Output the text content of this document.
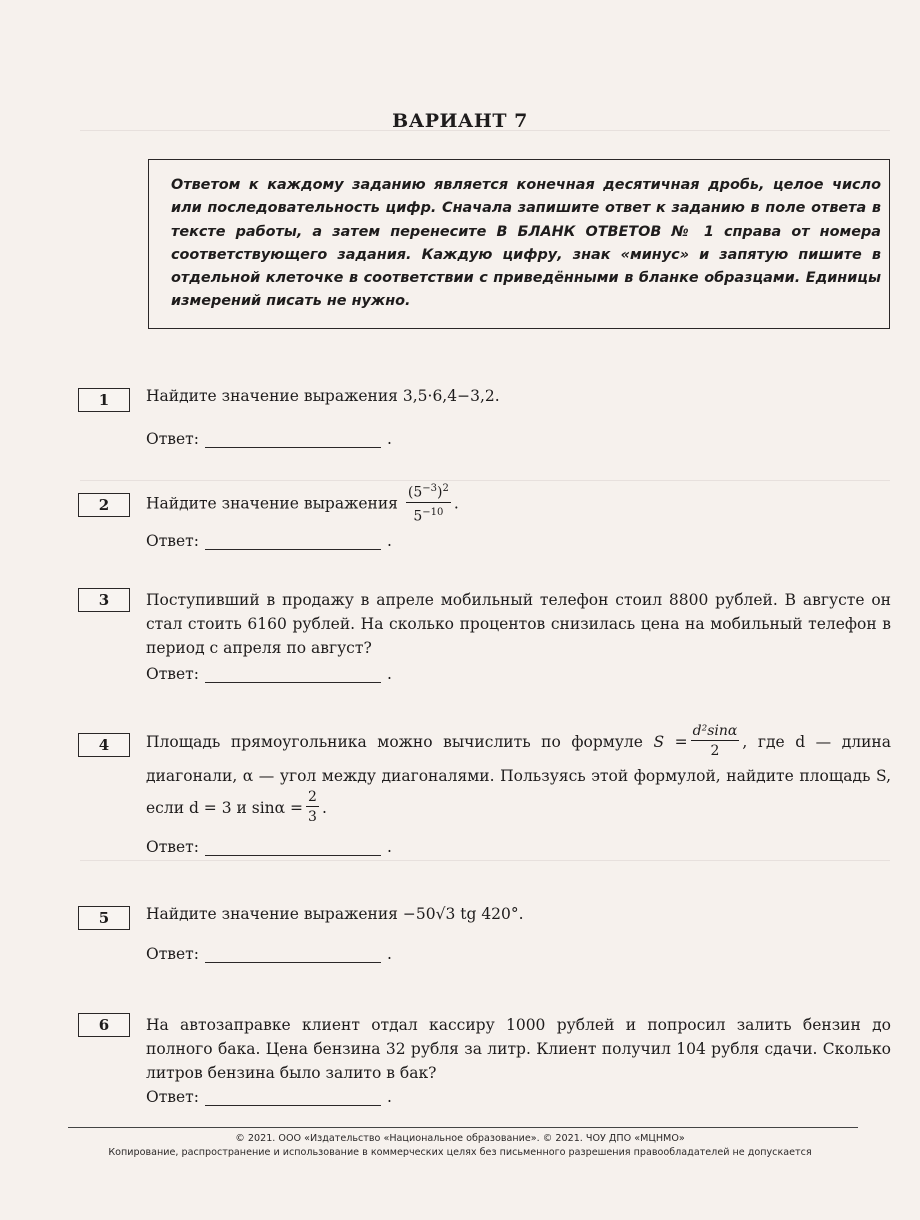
ВАРИАНТ 7
Ответом к каждому заданию является конечная десятичная дробь, целое число или последовательность цифр. Сначала запишите ответ к заданию в поле ответа в тексте работы, а затем перенесите В БЛАНК ОТВЕТОВ № 1 справа от номера соответствующего задания. Каждую цифру, знак «минус» и запятую пишите в отдельной клеточке в соответствии с приведёнными в бланке образцами. Единицы измерений писать не нужно.
1	Найдите значение выражения 3,5·6,4−3,2.
Ответ:	.
2	Найдите значение выражения $\frac{(5^{-3})^2}{5^{-10}}$ .
Ответ:	.
3	Поступивший в продажу в апреле мобильный телефон стоил 8800 рублей. В августе он стал стоить 6160 рублей. На сколько процентов снизилась цена на мобильный телефон в период с апреля по август?
Ответ:	.
4	Площадь прямоугольника можно вычислить по формуле $S = \frac{\text{d²sinα}}{2}$ , где d — длина диагонали, α — угол между диагоналями. Пользуясь этой формулой, найдите площадь S, если d = 3 и $\sin\alpha = \frac{2}{3}$ .
Ответ:	.
5	Найдите значение выражения −50√3 tg 420°.
Ответ:	.
6	На автозаправке клиент отдал кассиру 1000 рублей и попросил залить бензин до полного бака. Цена бензина 32 рубля за литр. Клиент получил 104 рубля сдачи. Сколько литров бензина было залито в бак?
Ответ:	.
© 2021. ООО «Издательство «Национальное образование». © 2021. ЧОУ ДПО «МЦНМО»
Копирование, распространение и использование в коммерческих целях без письменного разрешения правообладателей не допускается
